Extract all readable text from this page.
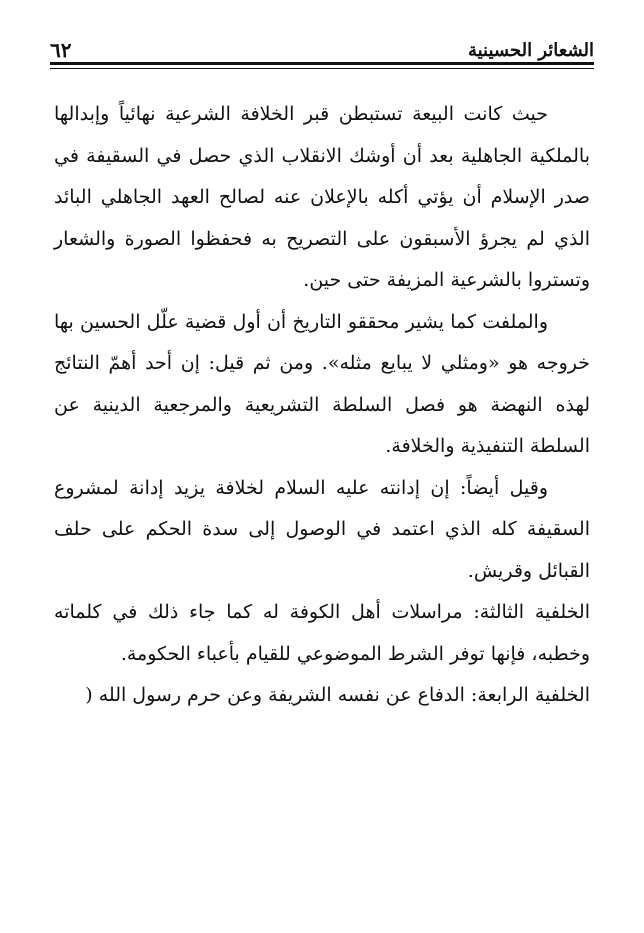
الشعائر الحسينية
٦٢

حيث كانت البيعة تستبطن قبر الخلافة الشرعية نهائياً وإبدالها بالملكية الجاهلية بعد أن أوشك الانقلاب الذي حصل في السقيفة في صدر الإسلام أن يؤتي أكله بالإعلان عنه لصالح العهد الجاهلي البائد الذي لم يجرؤ الأسبقون على التصريح به فحفظوا الصورة والشعار وتستروا بالشرعية المزيفة حتى حين.

والملفت كما يشير محققو التاريخ أن أول قضية علّل الحسين بها خروجه هو «ومثلي لا يبايع مثله». ومن ثم قيل: إن أحد أهمّ النتائج لهذه النهضة هو فصل السلطة التشريعية والمرجعية الدينية عن السلطة التنفيذية والخلافة.

وقيل أيضاً: إن إدانته عليه السلام لخلافة يزيد إدانة لمشروع السقيفة كله الذي اعتمد في الوصول إلى سدة الحكم على حلف القبائل وقريش.

الخلفية الثالثة: مراسلات أهل الكوفة له كما جاء ذلك في كلماته وخطبه، فإنها توفر الشرط الموضوعي للقيام بأعباء الحكومة.

الخلفية الرابعة: الدفاع عن نفسه الشريفة وعن حرم رسول الله (
